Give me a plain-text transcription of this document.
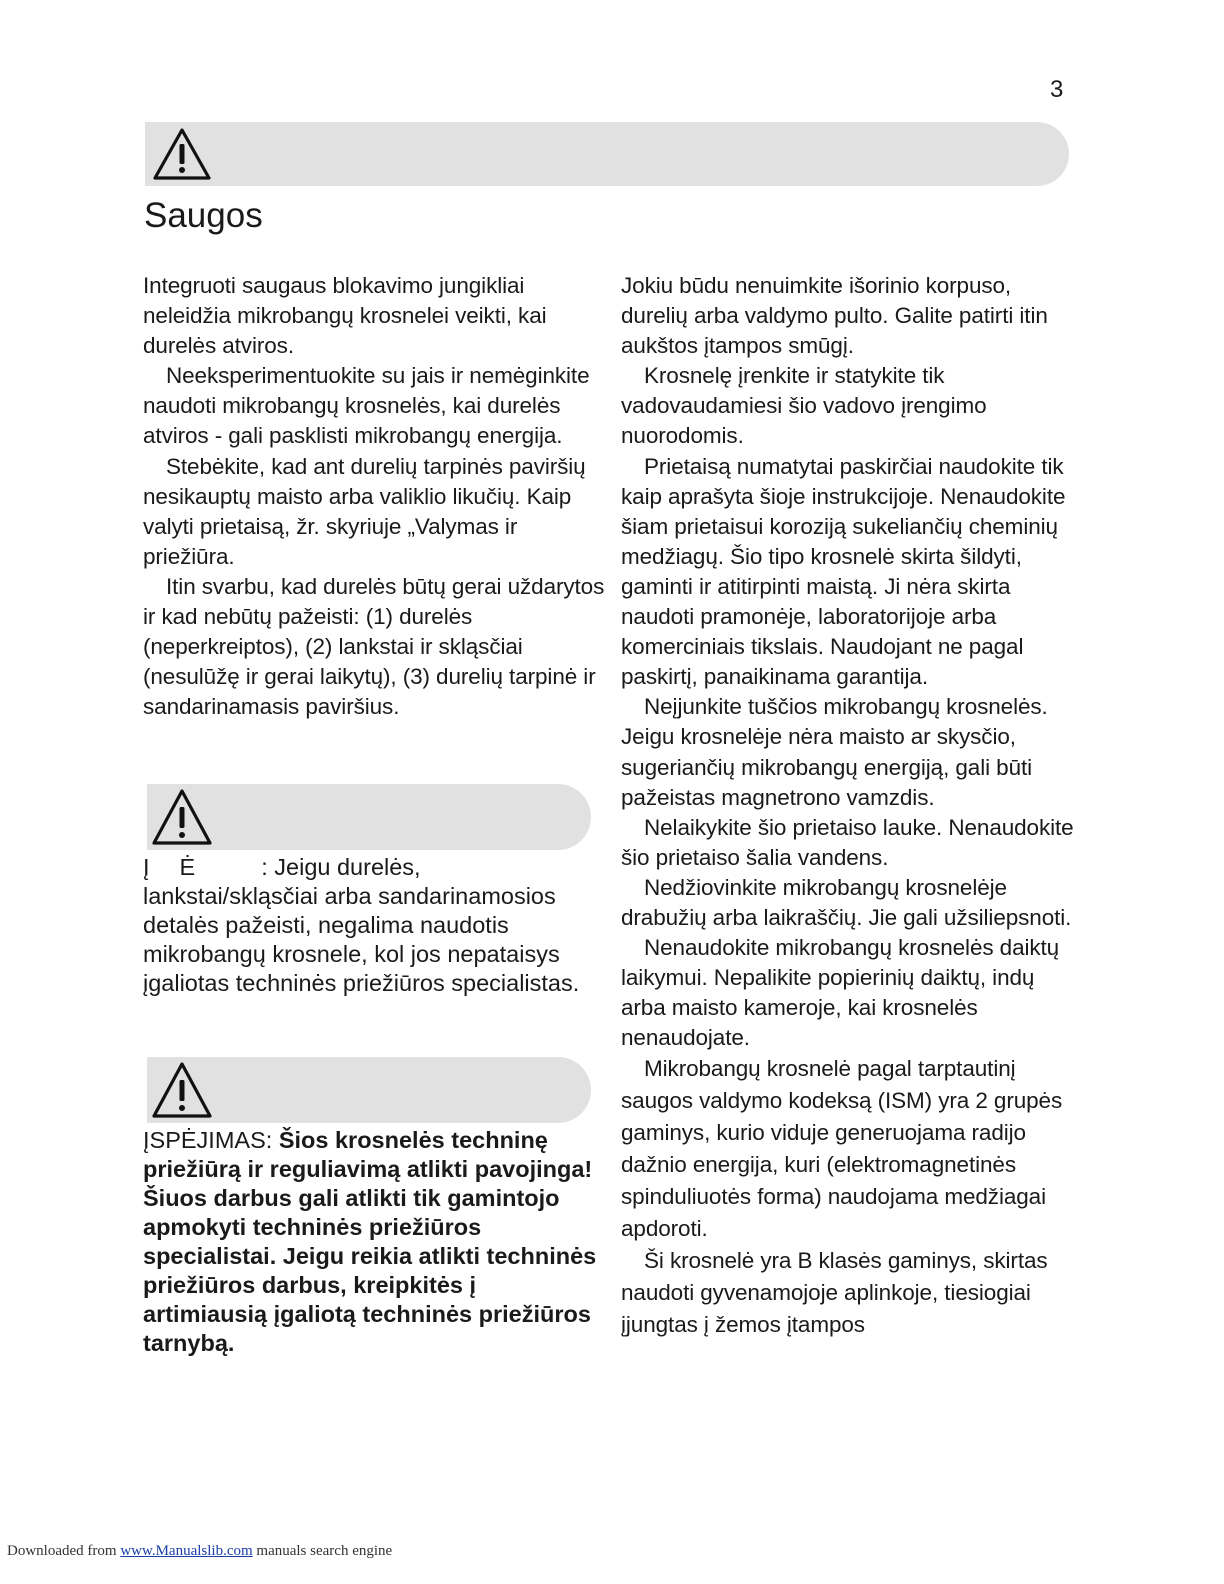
3
Saugos

Integruoti saugaus blokavimo jungikliai neleidžia mikrobangų krosnelei veikti, kai durelės atviros.

Neeksperimentuokite su jais ir nemėginkite naudoti mikrobangų krosnelės, kai durelės atviros - gali pasklisti mikrobangų energija.

Stebėkite, kad ant durelių tarpinės paviršių nesikauptų maisto arba valiklio likučių. Kaip valyti prietaisą, žr. skyriuje „Valymas ir priežiūra.

Itin svarbu, kad durelės būtų gerai uždarytos ir kad nebūtų pažeisti: (1) durelės (neperkreiptos), (2) lankstai ir skląsčiai (nesulūžę ir gerai laikytų), (3) durelių tarpinė ir sandarinamasis paviršius.

Į Ė	: Jeigu durelės, lankstai/skląsčiai arba sandarinamosios detalės pažeisti, negalima naudotis mikrobangų krosnele, kol jos nepataisys įgaliotas techninės priežiūros specialistas.

ĮSPĖJIMAS: Šios krosnelės techninę priežiūrą ir reguliavimą atlikti pavojinga! Šiuos darbus gali atlikti tik gamintojo apmokyti techninės priežiūros specialistai. Jeigu reikia atlikti techninės priežiūros darbus, kreipkitės į artimiausią įgaliotą techninės priežiūros tarnybą.

Jokiu būdu nenuimkite išorinio korpuso, durelių arba valdymo pulto. Galite patirti itin aukštos įtampos smūgį.

Krosnelę įrenkite ir statykite tik vadovaudamiesi šio vadovo įrengimo nuorodomis.

Prietaisą numatytai paskirčiai naudokite tik kaip aprašyta šioje instrukcijoje. Nenaudokite šiam prietaisui koroziją sukeliančių cheminių medžiagų. Šio tipo krosnelė skirta šildyti, gaminti ir atitirpinti maistą. Ji nėra skirta naudoti pramonėje, laboratorijoje arba komerciniais tikslais. Naudojant ne pagal paskirtį, panaikinama garantija.

Neįjunkite tuščios mikrobangų krosnelės. Jeigu krosnelėje nėra maisto ar skysčio, sugeriančių mikrobangų energiją, gali būti pažeistas magnetrono vamzdis.

Nelaikykite šio prietaiso lauke. Nenaudokite šio prietaiso šalia vandens.

Nedžiovinkite mikrobangų krosnelėje drabužių arba laikraščių. Jie gali užsiliepsnoti.

Nenaudokite mikrobangų krosnelės daiktų laikymui. Nepalikite popierinių daiktų, indų arba maisto kameroje, kai krosnelės nenaudojate.

Mikrobangų krosnelė pagal tarptautinį saugos valdymo kodeksą (ISM) yra 2 grupės gaminys, kurio viduje generuojama radijo dažnio energija, kuri (elektromagnetinės spinduliuotės forma) naudojama medžiagai apdoroti.

Ši krosnelė yra B klasės gaminys, skirtas naudoti gyvenamojoje aplinkoje, tiesiogiai įjungtas į žemos įtampos

Downloaded from www.Manualslib.com manuals search engine
